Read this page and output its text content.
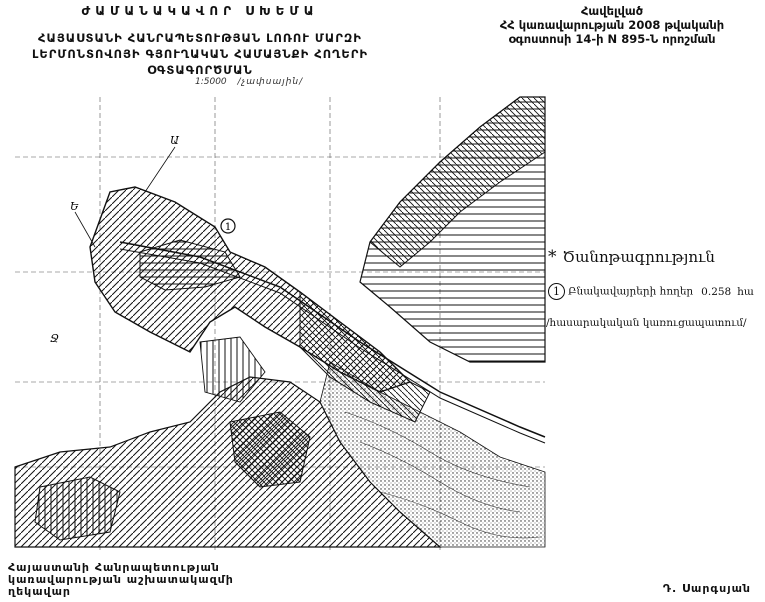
ԺԱՄԱՆԱԿԱՎՈՐ ՍԽԵՄԱ
ՀԱՅԱՍՏԱՆԻ ՀԱՆՐԱՊԵՏՈՒԹՅԱՆ ԼՈՌՈՒ ՄԱՐԶԻ
ԼԵՐՄՈՆՏՈՎՈՅԻ ԳՅՈՒՂԱԿԱՆ ՀԱՄԱՅՆՔԻ ՀՈՂԵՐԻ
ՕԳՏԱԳՈՐԾՄԱՆ
1:5000 /չափսային/
Հավելված
ՀՀ կառավարության 2008 թվականի
օգոստոսի 14-ի N 895-Ն որոշման
1
Ա
Ե
Ջ
* Ծանոթագրություն
1 Բնակավայրերի հողեր 0.258 հա
/հասարակական կառուցապատում/
Հայաստանի Հանրապետության
կառավարության աշխատակազմի
ղեկավար	Դ. Սարգսյան
